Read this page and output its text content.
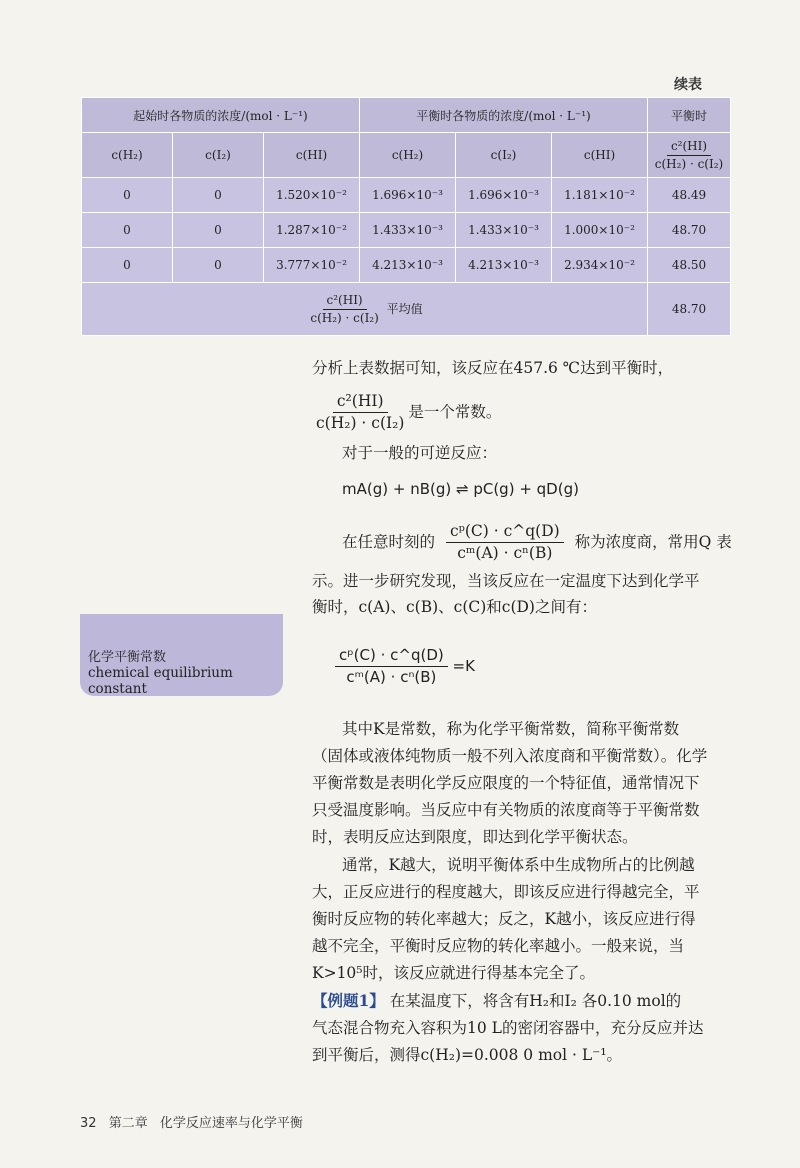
续表
起始时各物质的浓度/(mol · L⁻¹)			平衡时各物质的浓度/(mol · L⁻¹)			平衡时
c(H₂)	c(I₂)	c(HI)	c(H₂)	c(I₂)	c(HI)	$\frac{\text{c²(HI)}}{\text{c(H₂) · c(I₂)}}$

0	0	1.520×10⁻²	1.696×10⁻³	1.696×10⁻³	1.181×10⁻²	48.49
0	0	1.287×10⁻²	1.433×10⁻³	1.433×10⁻³	1.000×10⁻²	48.70
0	0	3.777×10⁻²	4.213×10⁻³	4.213×10⁻³	2.934×10⁻²	48.50

$\frac{\text{c²(HI)}}{\text{c(H₂) · c(I₂)}}$ 平均值						48.70
分析上表数据可知，该反应在457.6 ℃达到平衡时，
$\frac{\text{c²(HI)}}{\text{c(H₂) · c(I₂)}}$ 是一个常数。
对于一般的可逆反应：
mA(g) + nB(g) ⇌ pC(g) + qD(g)
在任意时刻的 $\frac{\text{cᵖ(C) · c\textasciicircum{}q(D)}}{\text{cᵐ(A) · cⁿ(B)}}$ 称为浓度商，常用Q 表
示。进一步研究发现，当该反应在一定温度下达到化学平
衡时，c(A)、c(B)、c(C)和c(D)之间有：
化学平衡常数
chemical equilibrium constant
$\frac{\text{cᵖ(C) · c\textasciicircum{}q(D)}}{\text{cᵐ(A) · cⁿ(B)}} =K$
其中K是常数，称为化学平衡常数，简称平衡常数
（固体或液体纯物质一般不列入浓度商和平衡常数）。化学
平衡常数是表明化学反应限度的一个特征值，通常情况下
只受温度影响。当反应中有关物质的浓度商等于平衡常数
时，表明反应达到限度，即达到化学平衡状态。
通常，K越大，说明平衡体系中生成物所占的比例越
大，正反应进行的程度越大，即该反应进行得越完全，平
衡时反应物的转化率越大；反之，K越小，该反应进行得
越不完全，平衡时反应物的转化率越小。一般来说，当
K>10⁵时，该反应就进行得基本完全了。
【例题1】 在某温度下，将含有H₂和I₂ 各0.10 mol的
气态混合物充入容积为10 L的密闭容器中，充分反应并达
到平衡后，测得c(H₂)=0.008 0 mol · L⁻¹。
32 第二章 化学反应速率与化学平衡
